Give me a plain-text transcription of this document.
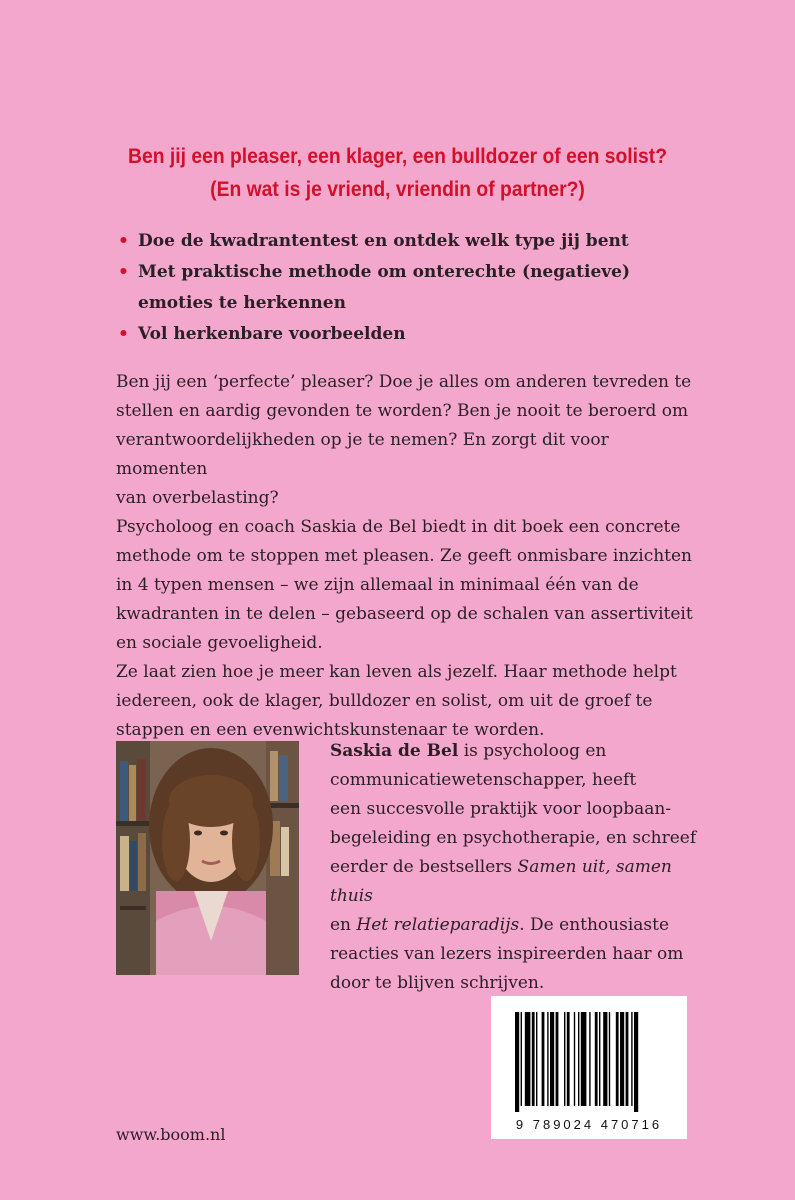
Ben jij een pleaser, een klager, een bulldozer of een solist?
(En wat is je vriend, vriendin of partner?)
• Doe de kwadrantentest en ontdek welk type jij bent
• Met praktische methode om onterechte (negatieve)
emoties te herkennen
• Vol herkenbare voorbeelden

Ben jij een ‘perfecte’ pleaser? Doe je alles om anderen tevreden te
stellen en aardig gevonden te worden? Ben je nooit te beroerd om
verantwoordelijkheden op je te nemen? En zorgt dit voor momenten
van overbelasting?

Psycholoog en coach Saskia de Bel biedt in dit boek een concrete
methode om te stoppen met pleasen. Ze geeft onmisbare inzichten
in 4 typen mensen – we zijn allemaal in minimaal één van de
kwadranten in te delen – gebaseerd op de schalen van assertiviteit
en sociale gevoeligheid.

Ze laat zien hoe je meer kan leven als jezelf. Haar methode helpt
iedereen, ook de klager, bulldozer en solist, om uit de groef te
stappen en een evenwichtskunstenaar te worden.

Saskia de Bel is psycholoog en
communicatiewetenschapper, heeft
een succesvolle praktijk voor loopbaan-
begeleiding en psychotherapie, en schreef
eerder de bestsellers Samen uit, samen thuis
en Het relatieparadijs. De enthousiaste
reacties van lezers inspireerden haar om
door te blijven schrijven.

9 789024 470716
www.boom.nl
